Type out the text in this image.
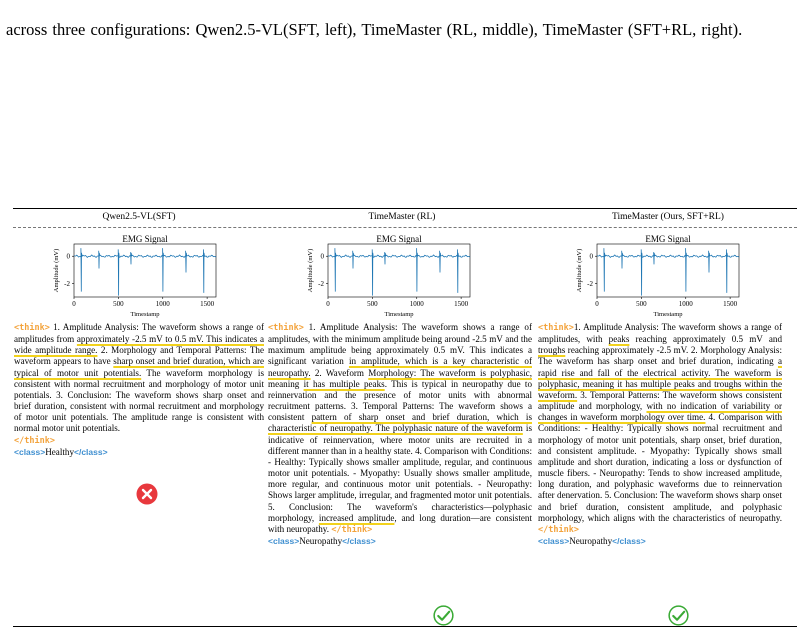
across three configurations: Qwen2.5-VL(SFT, left), TimeMaster (RL, middle), TimeMaster (SFT+RL, right).

Qwen2.5-VL(SFT)	TimeMaster (RL)	TimeMaster (Ours, SFT+RL)
EMG Signal
0	500	1000	1500
0
-2
Timestamp
Amplitude (mV)
EMG Signal
0	500	1000	1500
0
-2
Timestamp
Amplitude (mV)
EMG Signal
0	500	1000	1500
0
-2
Timestamp
Amplitude (mV)

<think> 1. Amplitude Analysis: The waveform shows a range of amplitudes from approximately -2.5 mV to 0.5 mV. This indicates a wide amplitude range. 2. Morphology and Temporal Patterns: The waveform appears to have sharp onset and brief duration, which are typical of motor unit potentials. The waveform morphology is consistent with normal recruitment and morphology of motor unit potentials. 3. Conclusion: The waveform shows sharp onset and brief duration, consistent with normal recruitment and morphology of motor unit potentials. The amplitude range is consistent with normal motor unit potentials.

</think>

<class>Healthy</class>

<think> 1. Amplitude Analysis: The waveform shows a range of amplitudes, with the minimum amplitude being around -2.5 mV and the maximum amplitude being approximately 0.5 mV. This indicates a significant variation in amplitude, which is a key characteristic of neuropathy. 2. Waveform Morphology: The waveform is polyphasic, meaning it has multiple peaks. This is typical in neuropathy due to reinnervation and the presence of motor units with abnormal recruitment patterns. 3. Temporal Patterns: The waveform shows a consistent pattern of sharp onset and brief duration, which is characteristic of neuropathy. The polyphasic nature of the waveform is indicative of reinnervation, where motor units are recruited in a different manner than in a healthy state. 4. Comparison with Conditions: - Healthy: Typically shows smaller amplitude, regular, and continuous motor unit potentials. - Myopathy: Usually shows smaller amplitude, more regular, and continuous motor unit potentials. - Neuropathy: Shows larger amplitude, irregular, and fragmented motor unit potentials. 5. Conclusion: The waveform's characteristics—polyphasic morphology, increased amplitude, and long duration—are consistent with neuropathy. </think>

<class> Neuropathy </class>

<think>1. Amplitude Analysis: The waveform shows a range of amplitudes, with peaks reaching approximately 0.5 mV and troughs reaching approximately -2.5 mV. 2. Morphology Analysis: The waveform has sharp onset and brief duration, indicating a rapid rise and fall of the electrical activity. The waveform is polyphasic, meaning it has multiple peaks and troughs within the waveform. 3. Temporal Patterns: The waveform shows consistent amplitude and morphology, with no indication of variability or changes in waveform morphology over time. 4. Comparison with Conditions: - Healthy: Typically shows normal recruitment and morphology of motor unit potentials, sharp onset, brief duration, and consistent amplitude. - Myopathy: Typically shows small amplitude and short duration, indicating a loss or dysfunction of muscle fibers. - Neuropathy: Tends to show increased amplitude, long duration, and polyphasic waveforms due to reinnervation after denervation. 5. Conclusion: The waveform shows sharp onset and brief duration, consistent amplitude, and polyphasic morphology, which aligns with the characteristics of neuropathy. </think>

<class>Neuropathy</class>
